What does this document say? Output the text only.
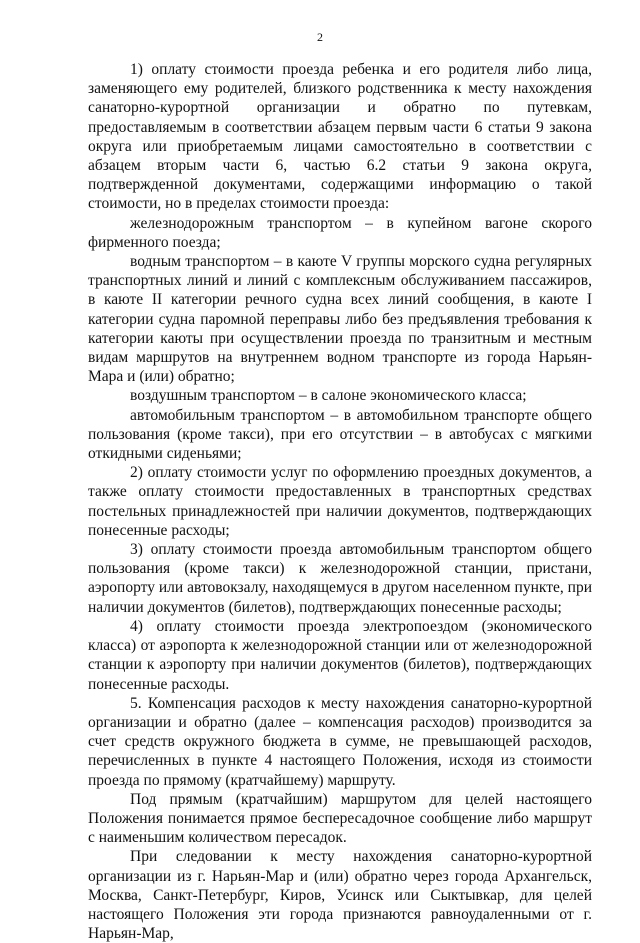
2

1) оплату стоимости проезда ребенка и его родителя либо лица, заменяющего ему родителей, близкого родственника к месту нахождения санаторно-курортной организации и обратно по путевкам, предоставляемым в соответствии абзацем первым части 6 статьи 9 закона округа или приобретаемым лицами самостоятельно в соответствии с абзацем вторым части 6, частью 6.2 статьи 9 закона округа, подтвержденной документами, содержащими информацию о такой стоимости, но в пределах стоимости проезда:

железнодорожным транспортом – в купейном вагоне скорого фирменного поезда;

водным транспортом – в каюте V группы морского судна регулярных транспортных линий и линий с комплексным обслуживанием пассажиров, в каюте II категории речного судна всех линий сообщения, в каюте I категории судна паромной переправы либо без предъявления требования к категории каюты при осуществлении проезда по транзитным и местным видам маршрутов на внутреннем водном транспорте из города Нарьян-Мара и (или) обратно;

воздушным транспортом – в салоне экономического класса;

автомобильным транспортом – в автомобильном транспорте общего пользования (кроме такси), при его отсутствии – в автобусах с мягкими откидными сиденьями;

2) оплату стоимости услуг по оформлению проездных документов, а также оплату стоимости предоставленных в транспортных средствах постельных принадлежностей при наличии документов, подтверждающих понесенные расходы;

3) оплату стоимости проезда автомобильным транспортом общего пользования (кроме такси) к железнодорожной станции, пристани, аэропорту или автовокзалу, находящемуся в другом населенном пункте, при наличии документов (билетов), подтверждающих понесенные расходы;

4) оплату стоимости проезда электропоездом (экономического класса) от аэропорта к железнодорожной станции или от железнодорожной станции к аэропорту при наличии документов (билетов), подтверждающих понесенные расходы.

5. Компенсация расходов к месту нахождения санаторно-курортной организации и обратно (далее – компенсация расходов) производится за счет средств окружного бюджета в сумме, не превышающей расходов, перечисленных в пункте 4 настоящего Положения, исходя из стоимости проезда по прямому (кратчайшему) маршруту.

Под прямым (кратчайшим) маршрутом для целей настоящего Положения понимается прямое беспересадочное сообщение либо маршрут с наименьшим количеством пересадок.

При следовании к месту нахождения санаторно-курортной организации из г. Нарьян-Мар и (или) обратно через города Архангельск, Москва, Санкт-Петербург, Киров, Усинск или Сыктывкар, для целей настоящего Положения эти города признаются равноудаленными от г. Нарьян-Мар,
